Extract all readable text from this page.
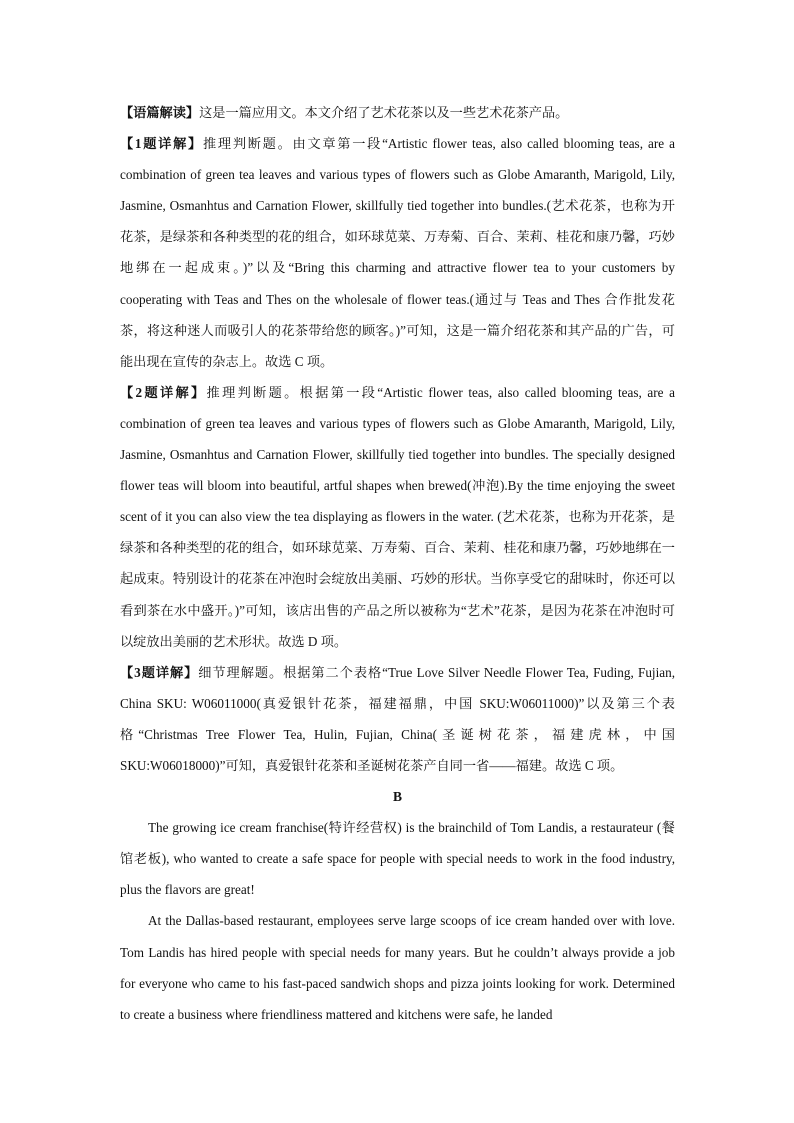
【语篇解读】这是一篇应用文。本文介绍了艺术花茶以及一些艺术花茶产品。

【1题详解】推理判断题。由文章第一段“Artistic flower teas, also called blooming teas, are a combination of green tea leaves and various types of flowers such as Globe Amaranth, Marigold, Lily, Jasmine, Osmanhtus and Carnation Flower, skillfully tied together into bundles.(艺术花茶，也称为开花茶，是绿茶和各种类型的花的组合，如环球苋菜、万寿菊、百合、茉莉、桂花和康乃馨，巧妙地绑在一起成束。)”以及“Bring this charming and attractive flower tea to your customers by cooperating with Teas and Thes on the wholesale of flower teas.(通过与 Teas and Thes 合作批发花茶，将这种迷人而吸引人的花茶带给您的顾客。)”可知，这是一篇介绍花茶和其产品的广告，可能出现在宣传的杂志上。故选 C 项。

【2题详解】推理判断题。根据第一段“Artistic flower teas, also called blooming teas, are a combination of green tea leaves and various types of flowers such as Globe Amaranth, Marigold, Lily, Jasmine, Osmanhtus and Carnation Flower, skillfully tied together into bundles. The specially designed flower teas will bloom into beautiful, artful shapes when brewed(冲泡).By the time enjoying the sweet scent of it you can also view the tea displaying as flowers in the water. (艺术花茶，也称为开花茶，是绿茶和各种类型的花的组合，如环球苋菜、万寿菊、百合、茉莉、桂花和康乃馨，巧妙地绑在一起成束。特别设计的花茶在冲泡时会绽放出美丽、巧妙的形状。当你享受它的甜味时，你还可以看到茶在水中盛开。)”可知，该店出售的产品之所以被称为“艺术”花茶，是因为花茶在冲泡时可以绽放出美丽的艺术形状。故选 D 项。

【3题详解】细节理解题。根据第二个表格“True Love Silver Needle Flower Tea, Fuding, Fujian, China SKU: W06011000(真爱银针花茶，福建福鼎，中国 SKU:W06011000)”以及第三个表格“Christmas Tree Flower Tea, Hulin, Fujian, China(圣诞树花茶，福建虎林，中国 SKU:W06018000)”可知，真爱银针花茶和圣诞树花茶产自同一省——福建。故选 C 项。

B

The growing ice cream franchise(特许经营权) is the brainchild of Tom Landis, a restaurateur (餐馆老板), who wanted to create a safe space for people with special needs to work in the food industry, plus the flavors are great!

At the Dallas-based restaurant, employees serve large scoops of ice cream handed over with love. Tom Landis has hired people with special needs for many years. But he couldn’t always provide a job for everyone who came to his fast-paced sandwich shops and pizza joints looking for work. Determined to create a business where friendliness mattered and kitchens were safe, he landed
